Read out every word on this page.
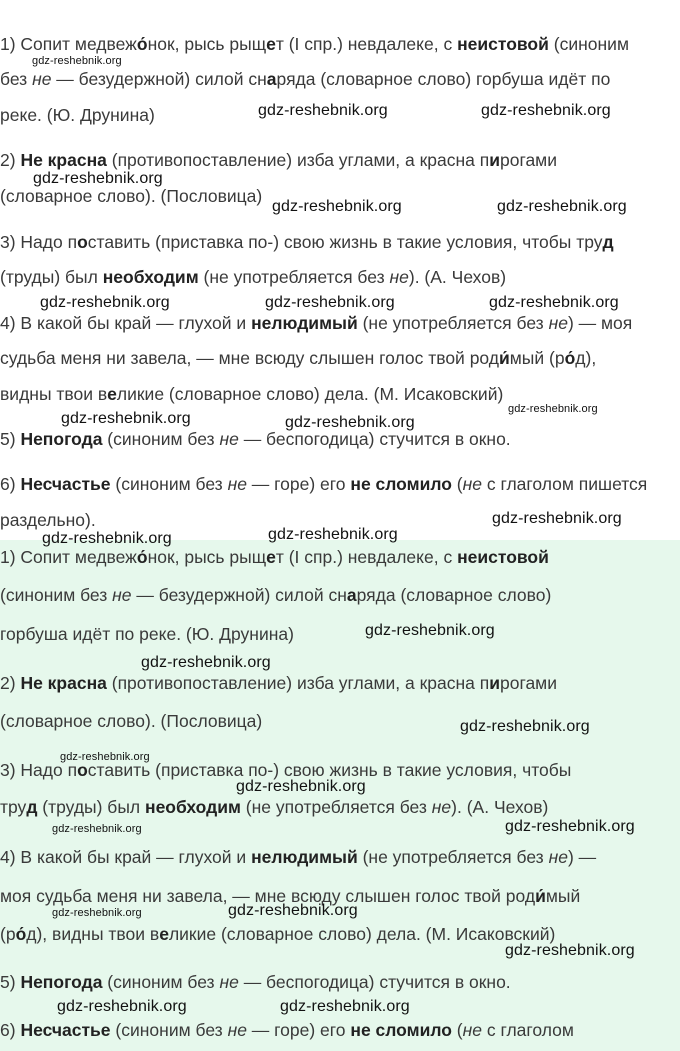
1) Сопит медвежо́нок, рысь рыщет (I спр.) невдалеке, с неистовой (синоним
без не — безудержной) силой снаряда (словарное слово) горбуша идёт по
реке. (Ю. Друнина)
2) Не красна (противопоставление) изба углами, а красна пирогами
(словарное слово). (Пословица)
3) Надо поставить (приставка по-) свою жизнь в такие условия, чтобы труд
(труды) был необходим (не употребляется без не). (А. Чехов)
4) В какой бы край — глухой и нелюдимый (не употребляется без не) — моя
судьба меня ни завела, — мне всюду слышен голос твой роди́мый (ро́д),
видны твои великие (словарное слово) дела. (М. Исаковский)
5) Непогода (синоним без не — беспогодица) стучится в окно.
6) Несчастье (синоним без не — горе) его не сломило (не с глаголом пишется
раздельно).
1) Сопит медвежо́нок, рысь рыщет (I спр.) невдалеке, с неистовой
(синоним без не — безудержной) силой снаряда (словарное слово)
горбуша идёт по реке. (Ю. Друнина)
2) Не красна (противопоставление) изба углами, а красна пирогами
(словарное слово). (Пословица)
3) Надо поставить (приставка по-) свою жизнь в такие условия, чтобы
труд (труды) был необходим (не употребляется без не). (А. Чехов)
4) В какой бы край — глухой и нелюдимый (не употребляется без не) —
моя судьба меня ни завела, — мне всюду слышен голос твой роди́мый
(ро́д), видны твои великие (словарное слово) дела. (М. Исаковский)
5) Непогода (синоним без не — беспогодица) стучится в окно.
6) Несчастье (синоним без не — горе) его не сломило (не с глаголом
gdz-reshebnik.org
gdz-reshebnik.org	gdz-reshebnik.org
gdz-reshebnik.org
gdz-reshebnik.org	gdz-reshebnik.org
gdz-reshebnik.org	gdz-reshebnik.org	gdz-reshebnik.org
gdz-reshebnik.org	gdz-reshebnik.org
gdz-reshebnik.org
gdz-reshebnik.org	gdz-reshebnik.org
gdz-reshebnik.org
gdz-reshebnik.org
gdz-reshebnik.org
gdz-reshebnik.org
gdz-reshebnik.org
gdz-reshebnik.org
gdz-reshebnik.org	gdz-reshebnik.org
gdz-reshebnik.org	gdz-reshebnik.org
gdz-reshebnik.org
gdz-reshebnik.org	gdz-reshebnik.org
